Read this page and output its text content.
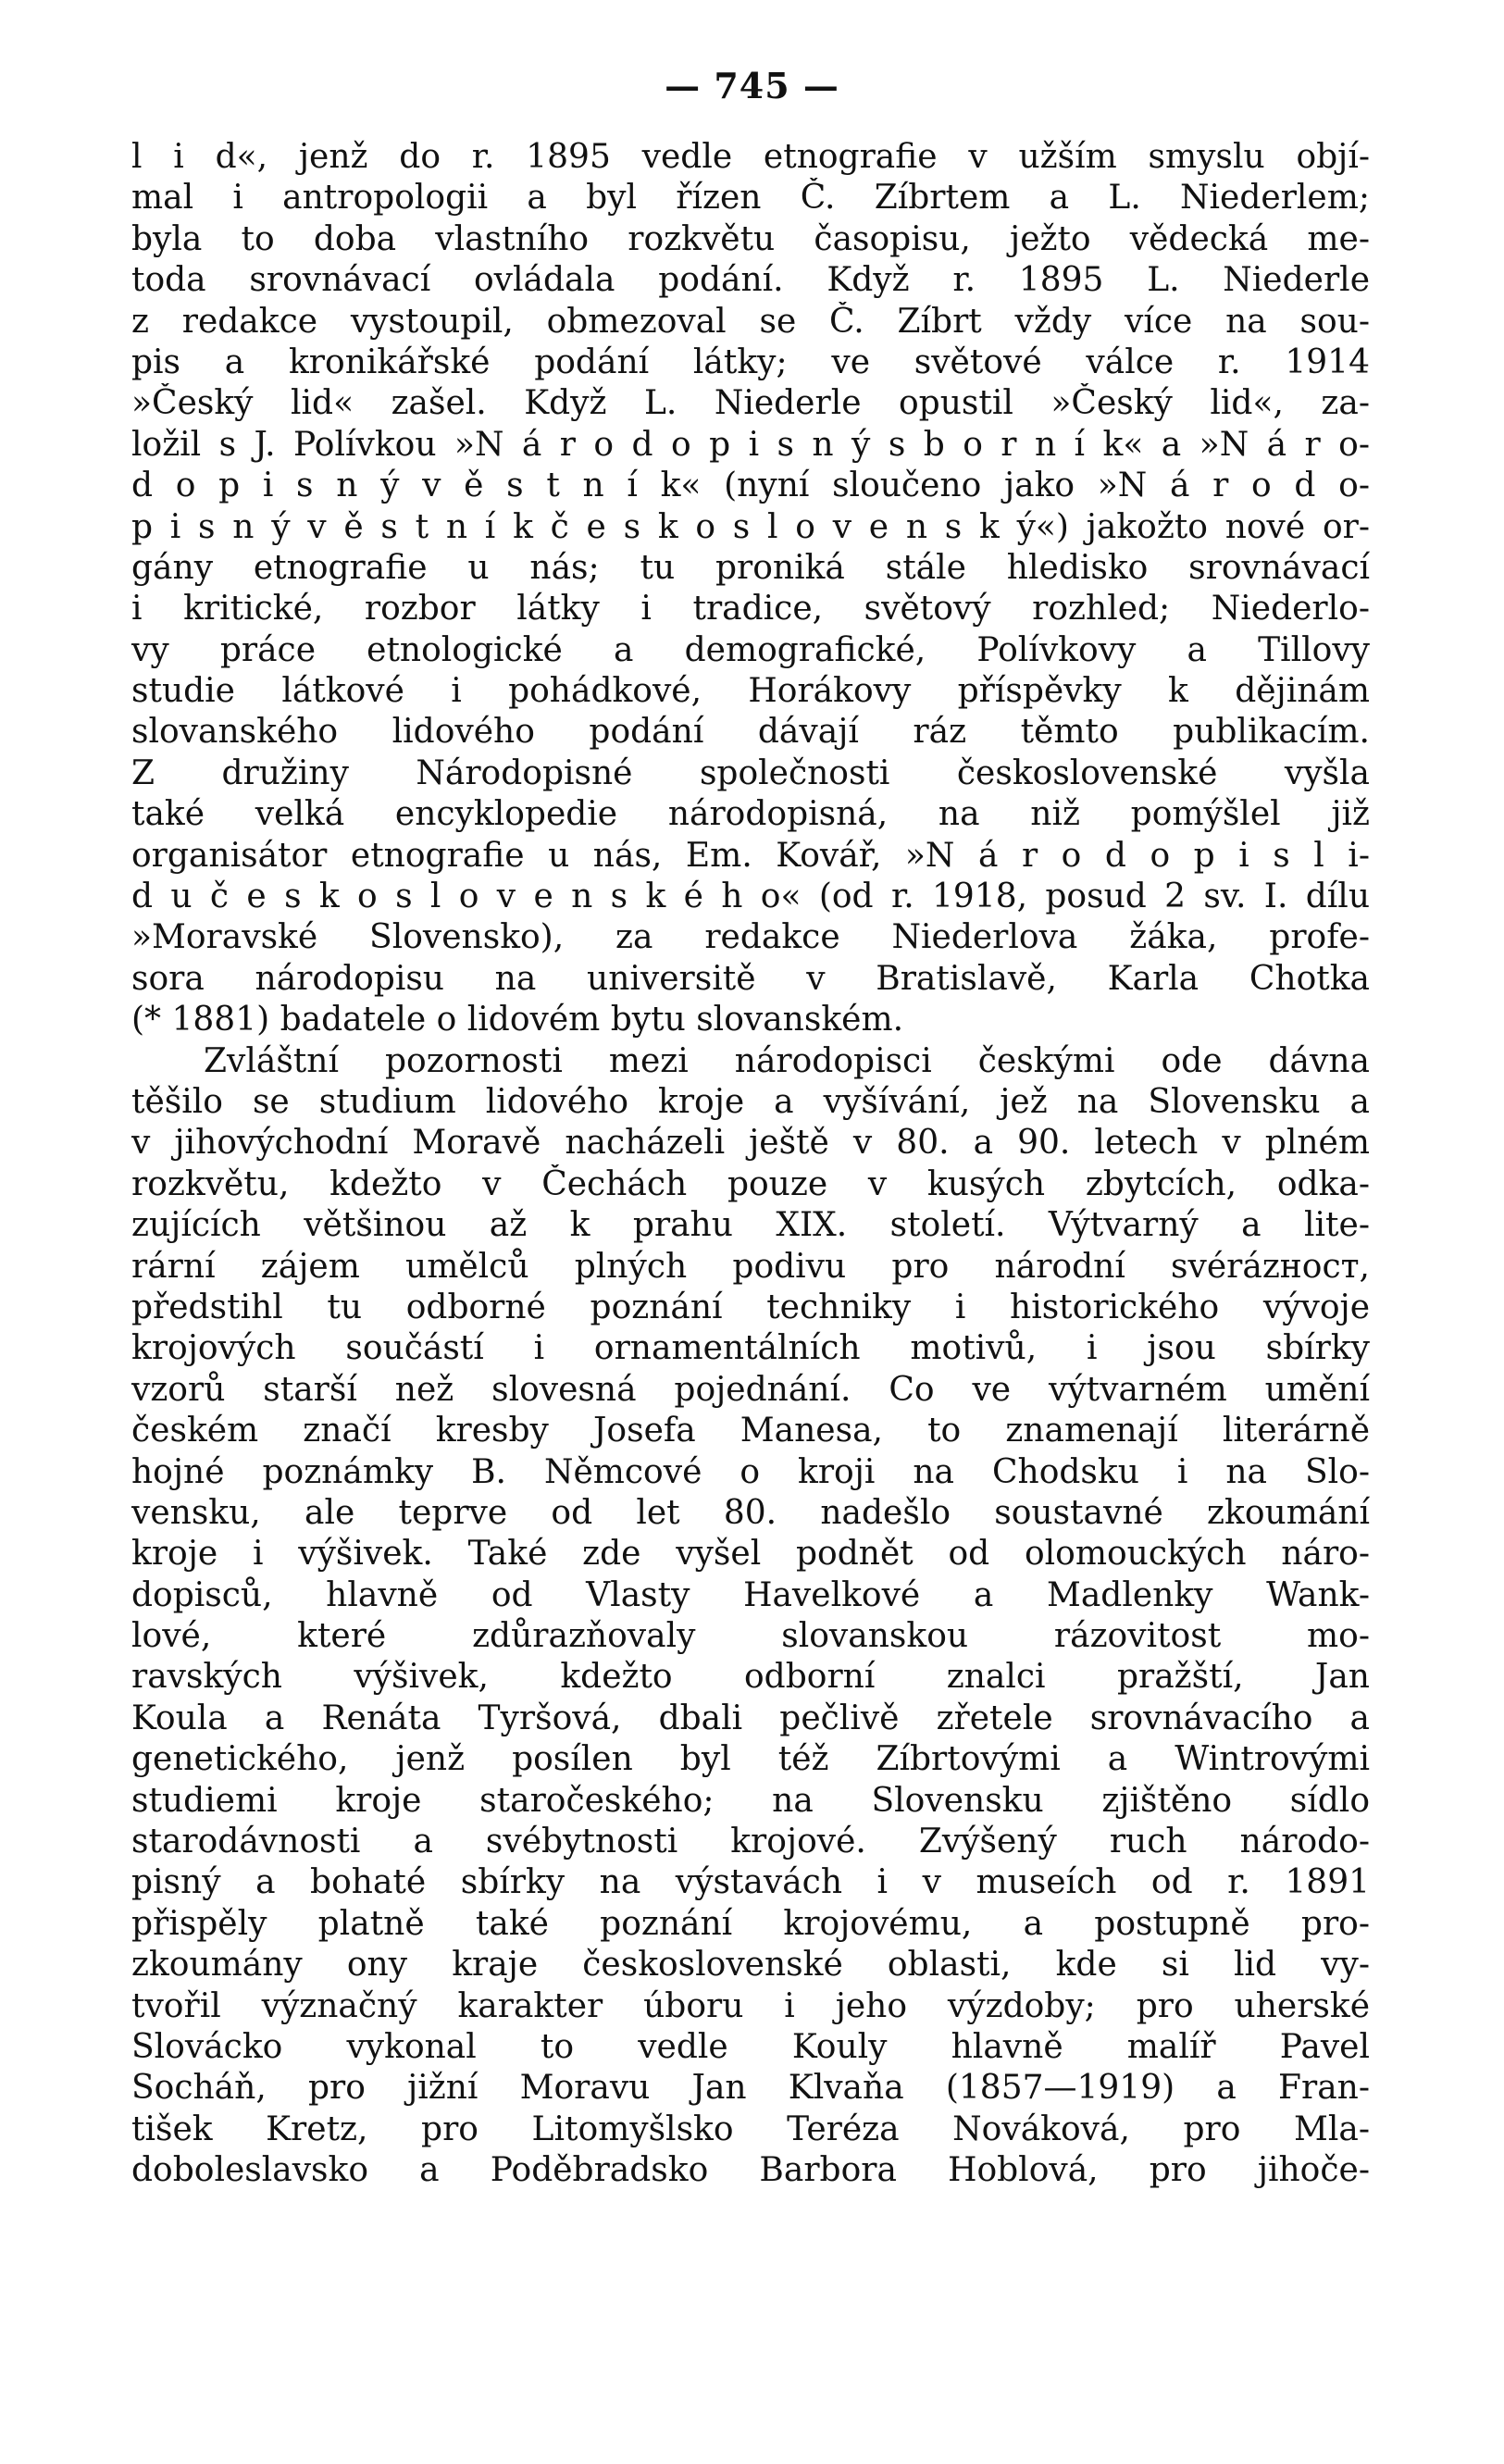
— 745 —
l i d«, jenž do r. 1895 vedle etnografie v užším smyslu objí-
mal i antropologii a byl řízen Č. Zíbrtem a L. Niederlem;
byla to doba vlastního rozkvětu časopisu, ježto vědecká me-
toda srovnávací ovládala podání. Když r. 1895 L. Niederle
z redakce vystoupil, obmezoval se Č. Zíbrt vždy více na sou-
pis a kronikářské podání látky; ve světové válce r. 1914
»Český lid« zašel. Když L. Niederle opustil »Český lid«, za-
ložil s J. Polívkou »N á r o d o p i s n ý s b o r n í k« a »N á r o-
d o p i s n ý v ě s t n í k« (nyní sloučeno jako »N á r o d o-
p i s n ý v ě s t n í k č e s k o s l o v e n s k ý«) jakožto nové or-
gány etnografie u nás; tu proniká stále hledisko srovnávací
i kritické, rozbor látky i tradice, světový rozhled; Niederlo-
vy práce etnologické a demografické, Polívkovy a Tillovy
studie látkové i pohádkové, Horákovy příspěvky k dějinám
slovanského lidového podání dávají ráz těmto publikacím.
Z družiny Národopisné společnosti československé vyšla
také velká encyklopedie národopisná, na niž pomýšlel již
organisátor etnografie u nás, Em. Kovář, »N á r o d o p i s l i-
d u č e s k o s l o v e n s k é h o« (od r. 1918, posud 2 sv. I. dílu
»Moravské Slovensko), za redakce Niederlova žáka, profe-
sora národopisu na universitě v Bratislavě, Karla Chotka
(* 1881) badatele o lidovém bytu slovanském.
Zvláštní pozornosti mezi národopisci českými ode dávna
těšilo se studium lidového kroje a vyšívání, jež na Slovensku a
v jihovýchodní Moravě nacházeli ještě v 80. a 90. letech v plném
rozkvětu, kdežto v Čechách pouze v kusých zbytcích, odka-
zujících většinou až k prahu XIX. století. Výtvarný a lite-
rární zájem umělců plných podivu pro národní svérázност,
předstihl tu odborné poznání techniky i historického vývoje
krojových součástí i ornamentálních motivů, i jsou sbírky
vzorů starší než slovesná pojednání. Co ve výtvarném umění
českém značí kresby Josefa Manesa, to znamenají literárně
hojné poznámky B. Němcové o kroji na Chodsku i na Slo-
vensku, ale teprve od let 80. nadešlo soustavné zkoumání
kroje i výšivek. Také zde vyšel podnět od olomouckých náro-
dopisců, hlavně od Vlasty Havelkové a Madlenky Wank-
lové, které zdůrazňovaly slovanskou rázovitost mo-
ravských výšivek, kdežto odborní znalci pražští, Jan
Koula a Renáta Tyršová, dbali pečlivě zřetele srovnávacího a
genetického, jenž posílen byl též Zíbrtovými a Wintrovými
studiemi kroje staročeského; na Slovensku zjištěno sídlo
starodávnosti a svébytnosti krojové. Zvýšený ruch národo-
pisný a bohaté sbírky na výstavách i v museích od r. 1891
přispěly platně také poznání krojovému, a postupně pro-
zkoumány ony kraje československé oblasti, kde si lid vy-
tvořil význačný karakter úboru i jeho výzdoby; pro uherské
Slovácko vykonal to vedle Kouly hlavně malíř Pavel
Socháň, pro jižní Moravu Jan Klvaňa (1857—1919) a Fran-
tišek Kretz, pro Litomyšlsko Teréza Nováková, pro Mla-
doboleslavsko a Poděbradsko Barbora Hoblová, pro jihoče-
